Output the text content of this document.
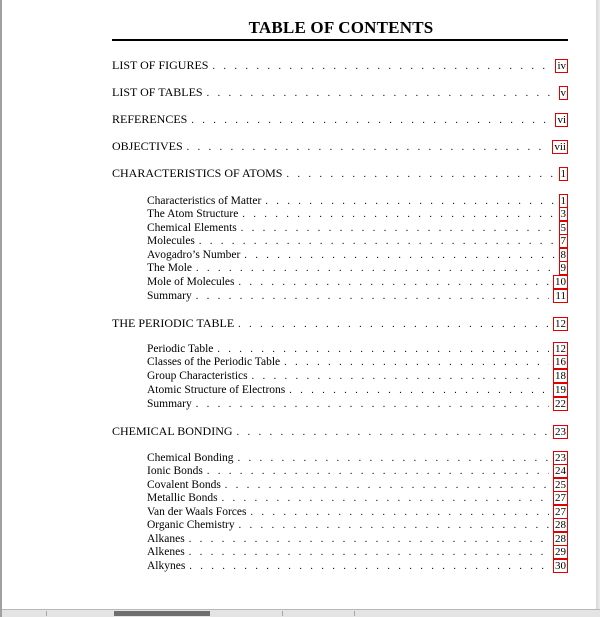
TABLE OF CONTENTS
LIST OF FIGURES . . .	iv
LIST OF TABLES . . .	v
REFERENCES . . .	vi
OBJECTIVES . . .	vii
CHARACTERISTICS OF ATOMS . . .	1
Characteristics of Matter . . .	1
The Atom Structure . . .	3
Chemical Elements . . .	5
Molecules . . .	7
Avogadro’s Number . . .	8
The Mole . . .	9
Mole of Molecules . . .	10
Summary . . .	11
THE PERIODIC TABLE . . .	12
Periodic Table . . .	12
Classes of the Periodic Table . . .	16
Group Characteristics . . .	18
Atomic Structure of Electrons . . .	19
Summary . . .	22
CHEMICAL BONDING . . .	23
Chemical Bonding . . .	23
Ionic Bonds . . .	24
Covalent Bonds . . .	25
Metallic Bonds . . .	27
Van der Waals Forces . . .	27
Organic Chemistry . . .	28
Alkanes . . .	28
Alkenes . . .	29
Alkynes . . .	30
